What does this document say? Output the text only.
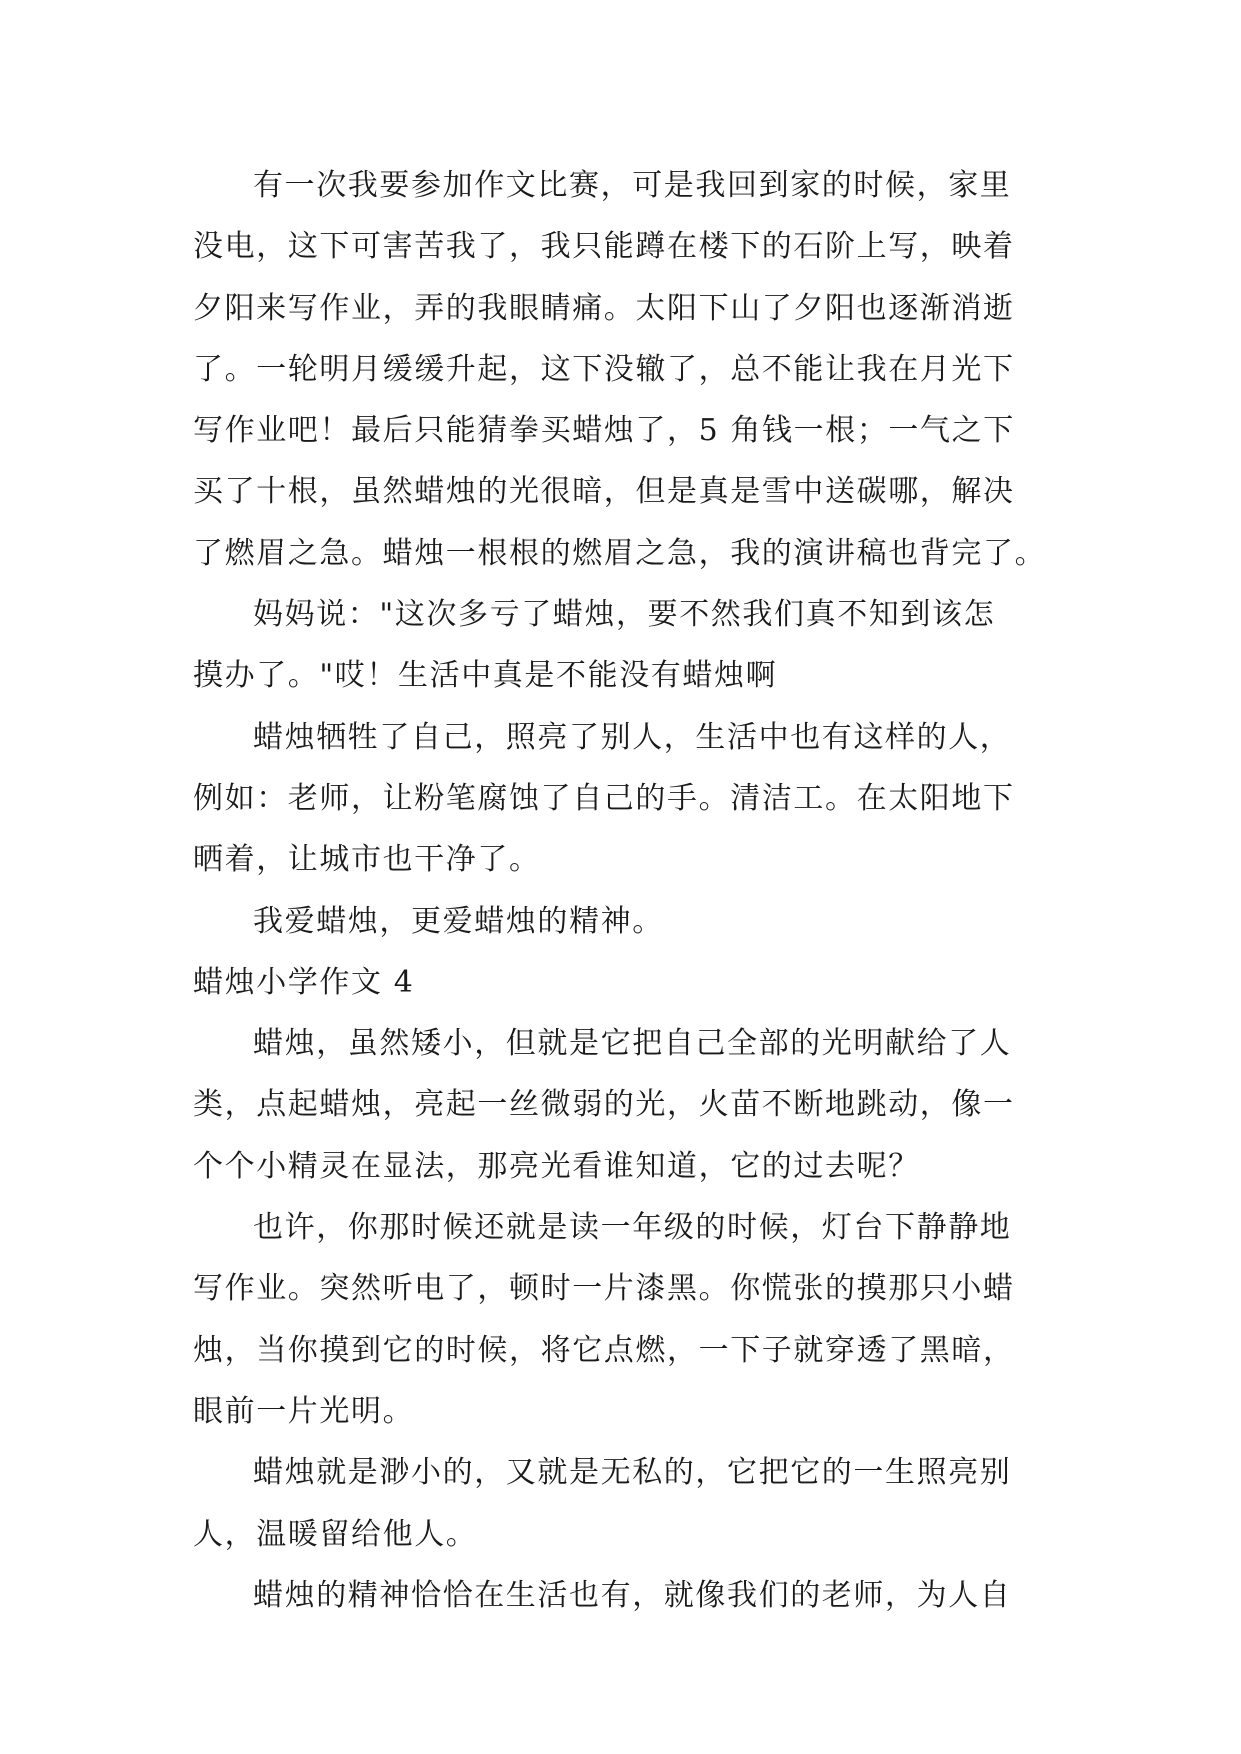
有一次我要参加作文比赛，可是我回到家的时候，家里
没电，这下可害苦我了，我只能蹲在楼下的石阶上写，映着
夕阳来写作业，弄的我眼睛痛。太阳下山了夕阳也逐渐消逝
了。一轮明月缓缓升起，这下没辙了，总不能让我在月光下
写作业吧！最后只能猜拳买蜡烛了，5 角钱一根；一气之下
买了十根，虽然蜡烛的光很暗，但是真是雪中送碳哪，解决
了燃眉之急。蜡烛一根根的燃眉之急，我的演讲稿也背完了。

妈妈说："这次多亏了蜡烛，要不然我们真不知到该怎
摸办了。"哎！生活中真是不能没有蜡烛啊

蜡烛牺牲了自己，照亮了别人，生活中也有这样的人，
例如：老师，让粉笔腐蚀了自己的手。清洁工。在太阳地下
晒着，让城市也干净了。

我爱蜡烛，更爱蜡烛的精神。

蜡烛小学作文 4

蜡烛，虽然矮小，但就是它把自己全部的光明献给了人
类，点起蜡烛，亮起一丝微弱的光，火苗不断地跳动，像一
个个小精灵在显法，那亮光看谁知道，它的过去呢？

也许，你那时候还就是读一年级的时候，灯台下静静地
写作业。突然听电了，顿时一片漆黑。你慌张的摸那只小蜡
烛，当你摸到它的时候，将它点燃，一下子就穿透了黑暗，
眼前一片光明。

蜡烛就是渺小的，又就是无私的，它把它的一生照亮别
人，温暖留给他人。

蜡烛的精神恰恰在生活也有，就像我们的老师，为人自
